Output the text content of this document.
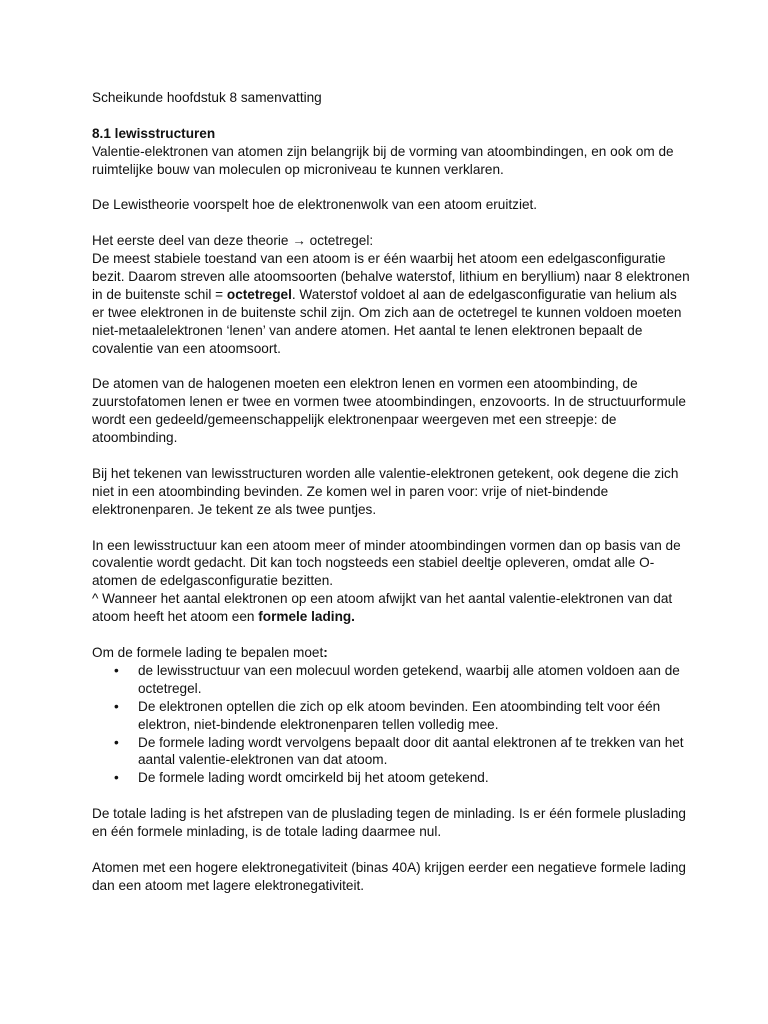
Scheikunde hoofdstuk 8 samenvatting

8.1 lewisstructuren

Valentie-elektronen van atomen zijn belangrijk bij de vorming van atoombindingen, en ook om de ruimtelijke bouw van moleculen op microniveau te kunnen verklaren.

De Lewistheorie voorspelt hoe de elektronenwolk van een atoom eruitziet.

Het eerste deel van deze theorie → octetregel:

De meest stabiele toestand van een atoom is er één waarbij het atoom een edelgasconfiguratie bezit. Daarom streven alle atoomsoorten (behalve waterstof, lithium en beryllium) naar 8 elektronen in de buitenste schil = octetregel. Waterstof voldoet al aan de edelgasconfiguratie van helium als er twee elektronen in de buitenste schil zijn. Om zich aan de octetregel te kunnen voldoen moeten niet-metaalelektronen ‘lenen’ van andere atomen. Het aantal te lenen elektronen bepaalt de covalentie van een atoomsoort.

De atomen van de halogenen moeten een elektron lenen en vormen een atoombinding, de zuurstofatomen lenen er twee en vormen twee atoombindingen, enzovoorts. In de structuurformule wordt een gedeeld/gemeenschappelijk elektronenpaar weergeven met een streepje: de atoombinding.

Bij het tekenen van lewisstructuren worden alle valentie-elektronen getekent, ook degene die zich niet in een atoombinding bevinden. Ze komen wel in paren voor: vrije of niet-bindende elektronenparen. Je tekent ze als twee puntjes.

In een lewisstructuur kan een atoom meer of minder atoombindingen vormen dan op basis van de covalentie wordt gedacht. Dit kan toch nogsteeds een stabiel deeltje opleveren, omdat alle O-atomen de edelgasconfiguratie bezitten.

^ Wanneer het aantal elektronen op een atoom afwijkt van het aantal valentie-elektronen van dat atoom heeft het atoom een formele lading.

Om de formele lading te bepalen moet:

• de lewisstructuur van een molecuul worden getekend, waarbij alle atomen voldoen aan de octetregel.
• De elektronen optellen die zich op elk atoom bevinden. Een atoombinding telt voor één elektron, niet-bindende elektronenparen tellen volledig mee.
• De formele lading wordt vervolgens bepaalt door dit aantal elektronen af te trekken van het aantal valentie-elektronen van dat atoom.
• De formele lading wordt omcirkeld bij het atoom getekend.

De totale lading is het afstrepen van de pluslading tegen de minlading. Is er één formele pluslading en één formele minlading, is de totale lading daarmee nul.

Atomen met een hogere elektronegativiteit (binas 40A) krijgen eerder een negatieve formele lading dan een atoom met lagere elektronegativiteit.
